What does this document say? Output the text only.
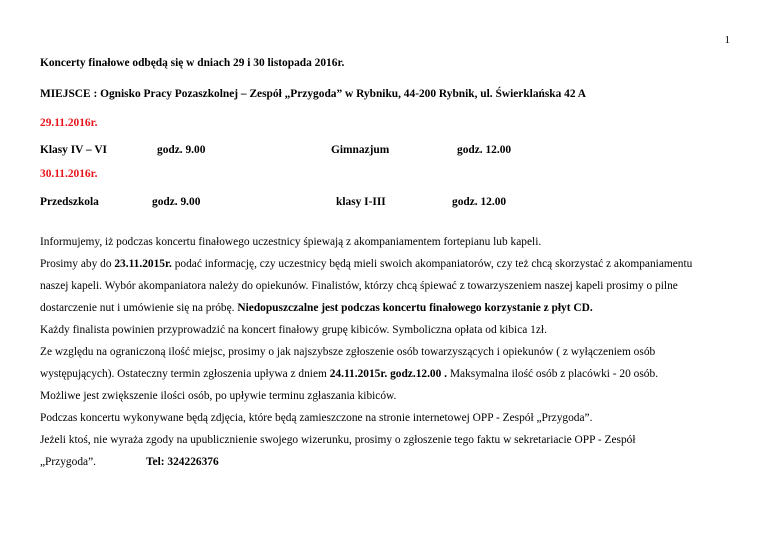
1
Koncerty finałowe odbędą się w dniach 29 i 30 listopada 2016r.
MIEJSCE : Ognisko Pracy Pozaszkolnej – Zespół „Przygoda” w Rybniku, 44-200 Rybnik, ul. Świerklańska 42 A
29.11.2016r.
Klasy IV – VI	godz. 9.00	Gimnazjum	godz. 12.00
30.11.2016r.
Przedszkola	godz. 9.00	klasy I-III	godz. 12.00
Informujemy, iż podczas koncertu finałowego uczestnicy śpiewają z akompaniamentem fortepianu lub kapeli.
Prosimy aby do 23.11.2015r. podać informację, czy uczestnicy będą mieli swoich akompaniatorów, czy też chcą skorzystać z akompaniamentu
naszej kapeli. Wybór akompaniatora należy do opiekunów. Finalistów, którzy chcą śpiewać z towarzyszeniem naszej kapeli prosimy o pilne
dostarczenie nut i umówienie się na próbę. Niedopuszczalne jest podczas koncertu finałowego korzystanie z płyt CD.
Każdy finalista powinien przyprowadzić na koncert finałowy grupę kibiców. Symboliczna opłata od kibica 1zł.
Ze względu na ograniczoną ilość miejsc, prosimy o jak najszybsze zgłoszenie osób towarzyszących i opiekunów ( z wyłączeniem osób
występujących). Ostateczny termin zgłoszenia upływa z dniem 24.11.2015r. godz.12.00 . Maksymalna ilość osób z placówki - 20 osób.
Możliwe jest zwiększenie ilości osób, po upływie terminu zgłaszania kibiców.
Podczas koncertu wykonywane będą zdjęcia, które będą zamieszczone na stronie internetowej OPP - Zespół „Przygoda”.
Jeżeli ktoś, nie wyraża zgody na upublicznienie swojego wizerunku, prosimy o zgłoszenie tego faktu w sekretariacie OPP - Zespół
„Przygoda”.	Tel: 324226376
